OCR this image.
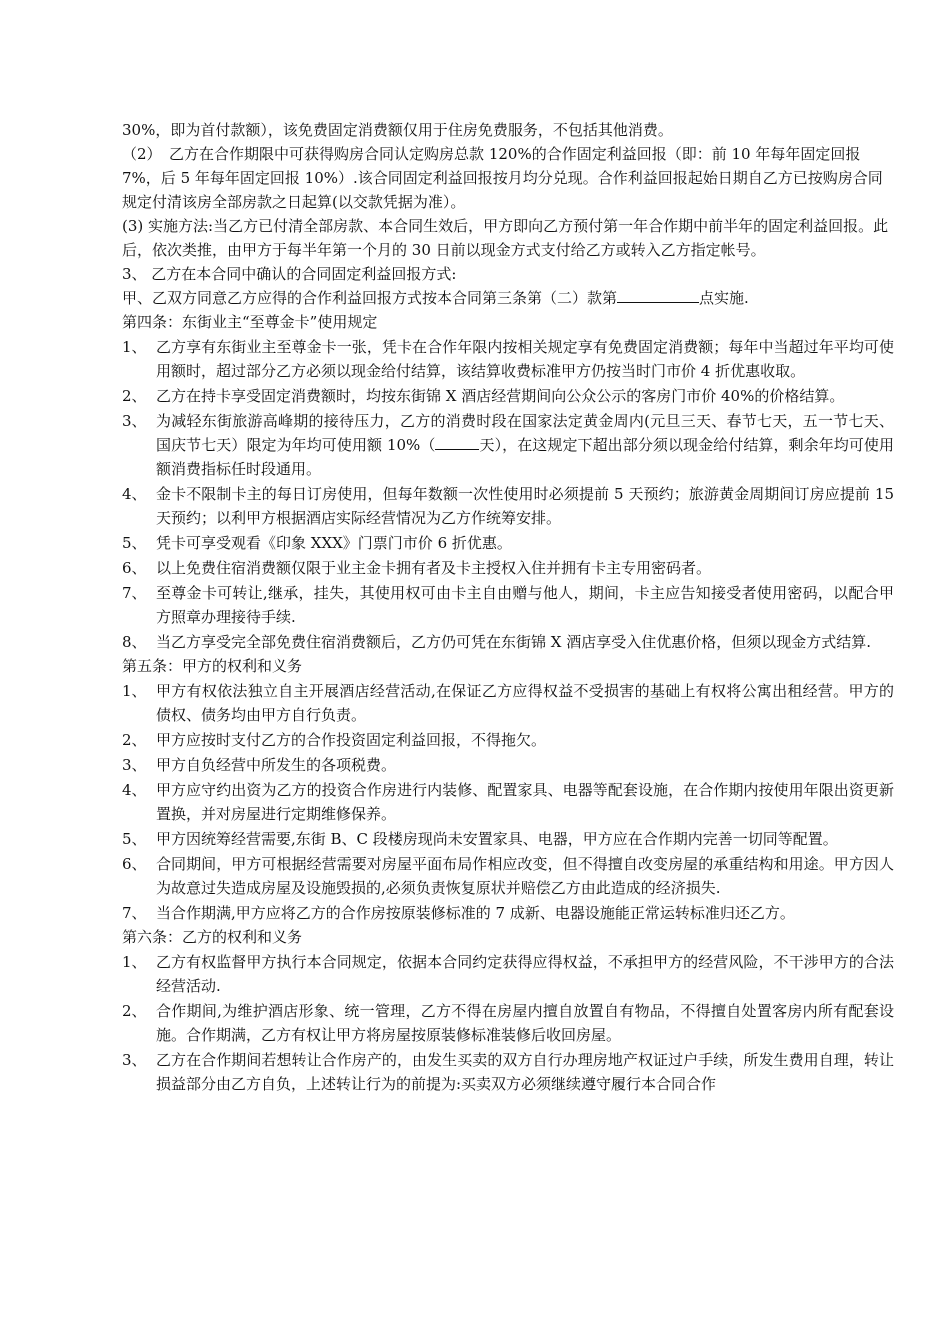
30%，即为首付款额），该免费固定消费额仅用于住房免费服务，不包括其他消费。

（2）　乙方在合作期限中可获得购房合同认定购房总款 120%的合作固定利益回报（即：前 10 年每年固定回报 7%，后 5 年每年固定回报 10%）.该合同固定利益回报按月均分兑现。合作利益回报起始日期自乙方已按购房合同规定付清该房全部房款之日起算(以交款凭据为准）。

(3) 实施方法:当乙方已付清全部房款、本合同生效后，甲方即向乙方预付第一年合作期中前半年的固定利益回报。此后，依次类推，由甲方于每半年第一个月的 30 日前以现金方式支付给乙方或转入乙方指定帐号。

3、 乙方在本合同中确认的合同固定利益回报方式:

甲、乙双方同意乙方应得的合作利益回报方式按本合同第三条第（二）款第	点实施.

第四条：东街业主“至尊金卡”使用规定
1、 乙方享有东街业主至尊金卡一张，凭卡在合作年限内按相关规定享有免费固定消费额；每年中当超过年平均可使用额时，超过部分乙方必须以现金给付结算，该结算收费标准甲方仍按当时门市价 4 折优惠收取。
2、 乙方在持卡享受固定消费额时，均按东街锦 X 酒店经营期间向公众公示的客房门市价 40%的价格结算。
3、 为减轻东街旅游高峰期的接待压力，乙方的消费时段在国家法定黄金周内(元旦三天、春节七天，五一节七天、国庆节七天）限定为年均可使用额 10%（	天），在这规定下超出部分须以现金给付结算，剩余年均可使用额消费指标任时段通用。
4、 金卡不限制卡主的每日订房使用，但每年数额一次性使用时必须提前 5 天预约；旅游黄金周期间订房应提前 15 天预约；以利甲方根据酒店实际经营情况为乙方作统筹安排。
5、 凭卡可享受观看《印象 XXX》门票门市价 6 折优惠。
6、 以上免费住宿消费额仅限于业主金卡拥有者及卡主授权入住并拥有卡主专用密码者。
7、 至尊金卡可转让,继承，挂失，其使用权可由卡主自由赠与他人，期间，卡主应告知接受者使用密码，以配合甲方照章办理接待手续.
8、 当乙方享受完全部免费住宿消费额后，乙方仍可凭在东街锦 X 酒店享受入住优惠价格，但须以现金方式结算.
第五条：甲方的权利和义务
1、 甲方有权依法独立自主开展酒店经营活动,在保证乙方应得权益不受损害的基础上有权将公寓出租经营。甲方的债权、债务均由甲方自行负责。
2、 甲方应按时支付乙方的合作投资固定利益回报，不得拖欠。
3、 甲方自负经营中所发生的各项税费。
4、 甲方应守约出资为乙方的投资合作房进行内装修、配置家具、电器等配套设施，在合作期内按使用年限出资更新置换，并对房屋进行定期维修保养。
5、 甲方因统筹经营需要,东街 B、C 段楼房现尚未安置家具、电器，甲方应在合作期内完善一切同等配置。
6、 合同期间，甲方可根据经营需要对房屋平面布局作相应改变，但不得擅自改变房屋的承重结构和用途。甲方因人为故意过失造成房屋及设施毁损的,必须负责恢复原状并赔偿乙方由此造成的经济损失.
7、 当合作期满,甲方应将乙方的合作房按原装修标准的 7 成新、电器设施能正常运转标准归还乙方。
第六条：乙方的权利和义务
1、 乙方有权监督甲方执行本合同规定，依据本合同约定获得应得权益，不承担甲方的经营风险，不干涉甲方的合法经营活动.
2、 合作期间,为维护酒店形象、统一管理，乙方不得在房屋内擅自放置自有物品，不得擅自处置客房内所有配套设施。合作期满，乙方有权让甲方将房屋按原装修标准装修后收回房屋。
3、 乙方在合作期间若想转让合作房产的，由发生买卖的双方自行办理房地产权证过户手续，所发生费用自理，转让损益部分由乙方自负，上述转让行为的前提为:买卖双方必须继续遵守履行本合同合作
